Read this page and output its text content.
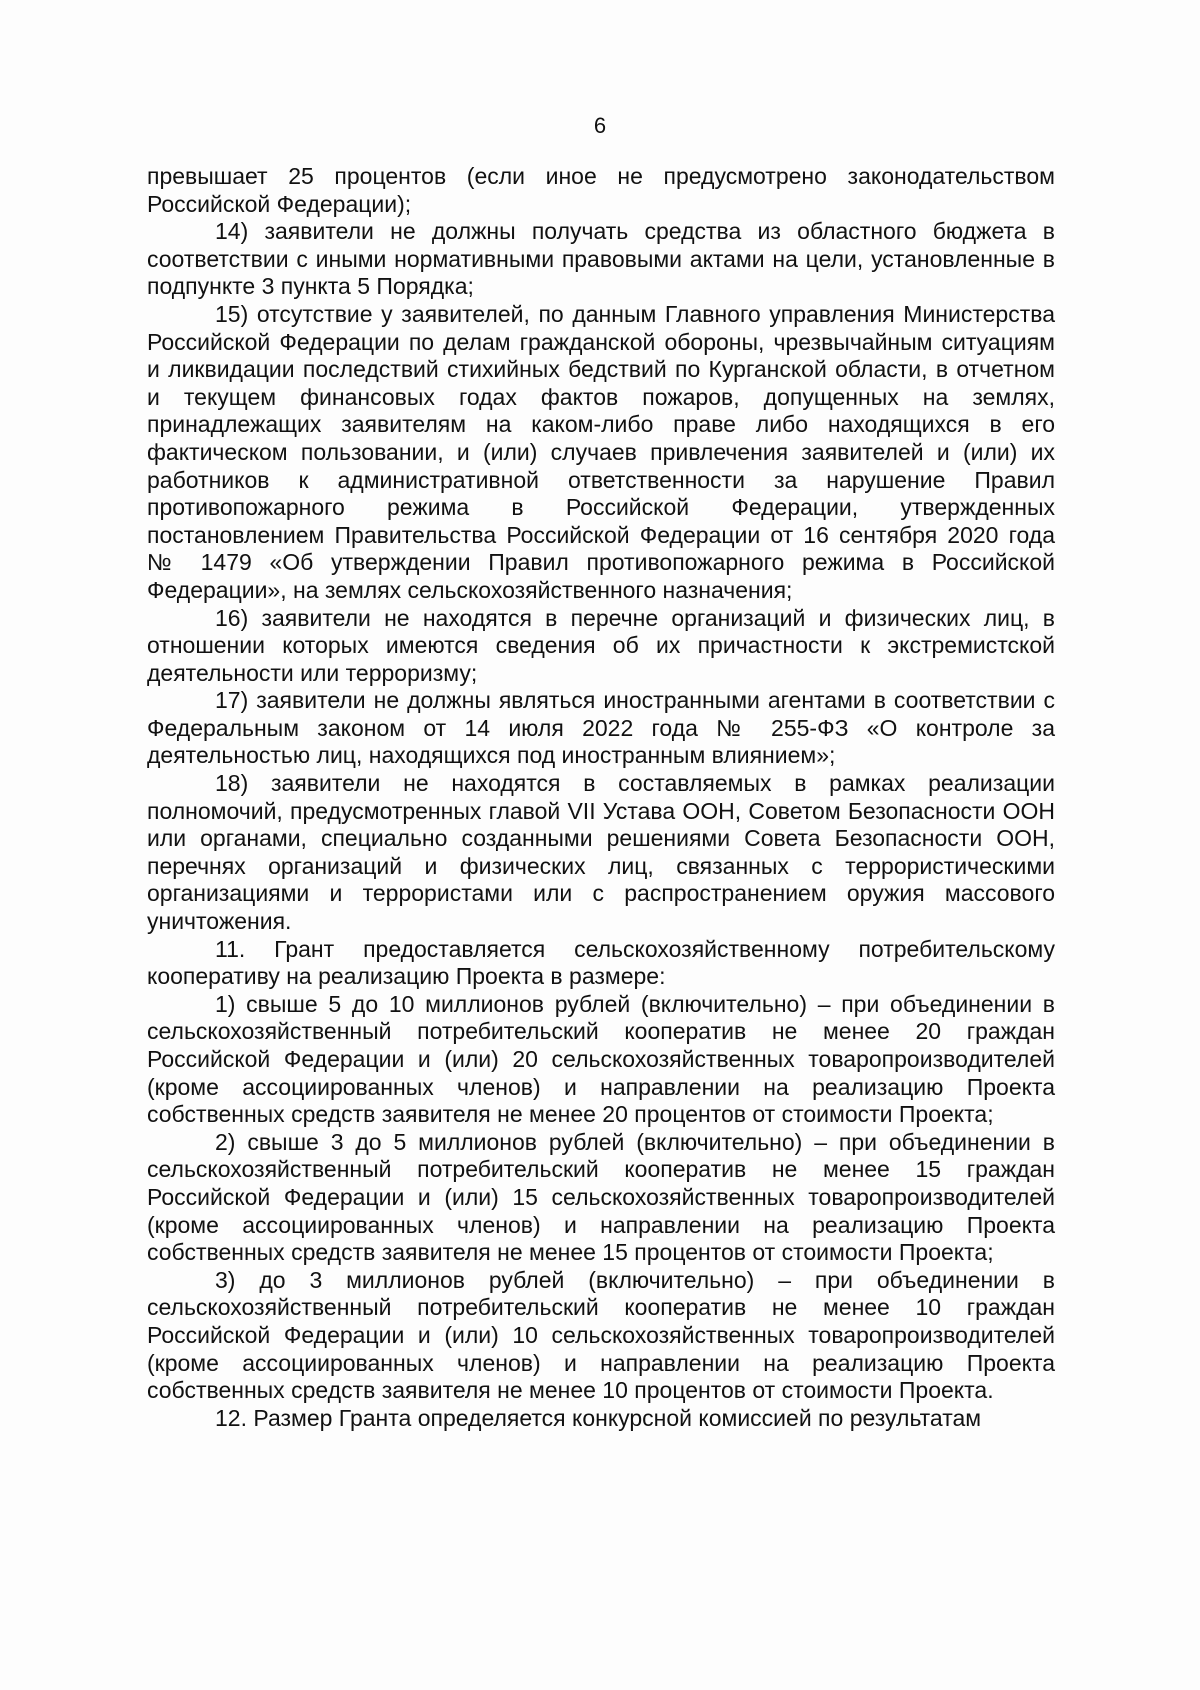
6

превышает 25 процентов (если иное не предусмотрено законодательством Российской Федерации);

14) заявители не должны получать средства из областного бюджета в соответствии с иными нормативными правовыми актами на цели, установленные в подпункте 3 пункта 5 Порядка;

15) отсутствие у заявителей, по данным Главного управления Министерства Российской Федерации по делам гражданской обороны, чрезвычайным ситуациям и ликвидации последствий стихийных бедствий по Курганской области, в отчетном и текущем финансовых годах фактов пожаров, допущенных на землях, принадлежащих заявителям на каком-либо праве либо находящихся в его фактическом пользовании, и (или) случаев привлечения заявителей и (или) их работников к административной ответственности за нарушение Правил противопожарного режима в Российской Федерации, утвержденных постановлением Правительства Российской Федерации от 16 сентября 2020 года № 1479 «Об утверждении Правил противопожарного режима в Российской Федерации», на землях сельскохозяйственного назначения;

16) заявители не находятся в перечне организаций и физических лиц, в отношении которых имеются сведения об их причастности к экстремистской деятельности или терроризму;

17) заявители не должны являться иностранными агентами в соответствии с Федеральным законом от 14 июля 2022 года № 255-ФЗ «О контроле за деятельностью лиц, находящихся под иностранным влиянием»;

18) заявители не находятся в составляемых в рамках реализации полномочий, предусмотренных главой VII Устава ООН, Советом Безопасности ООН или органами, специально созданными решениями Совета Безопасности ООН, перечнях организаций и физических лиц, связанных с террористическими организациями и террористами или с распространением оружия массового уничтожения.

11. Грант предоставляется сельскохозяйственному потребительскому кооперативу на реализацию Проекта в размере:

1) свыше 5 до 10 миллионов рублей (включительно) – при объединении в сельскохозяйственный потребительский кооператив не менее 20 граждан Российской Федерации и (или) 20 сельскохозяйственных товаропроизводителей (кроме ассоциированных членов) и направлении на реализацию Проекта собственных средств заявителя не менее 20 процентов от стоимости Проекта;

2) свыше 3 до 5 миллионов рублей (включительно) – при объединении в сельскохозяйственный потребительский кооператив не менее 15 граждан Российской Федерации и (или) 15 сельскохозяйственных товаропроизводителей (кроме ассоциированных членов) и направлении на реализацию Проекта собственных средств заявителя не менее 15 процентов от стоимости Проекта;

3) до 3 миллионов рублей (включительно) – при объединении в сельскохозяйственный потребительский кооператив не менее 10 граждан Российской Федерации и (или) 10 сельскохозяйственных товаропроизводителей (кроме ассоциированных членов) и направлении на реализацию Проекта собственных средств заявителя не менее 10 процентов от стоимости Проекта.

12. Размер Гранта определяется конкурсной комиссией по результатам
